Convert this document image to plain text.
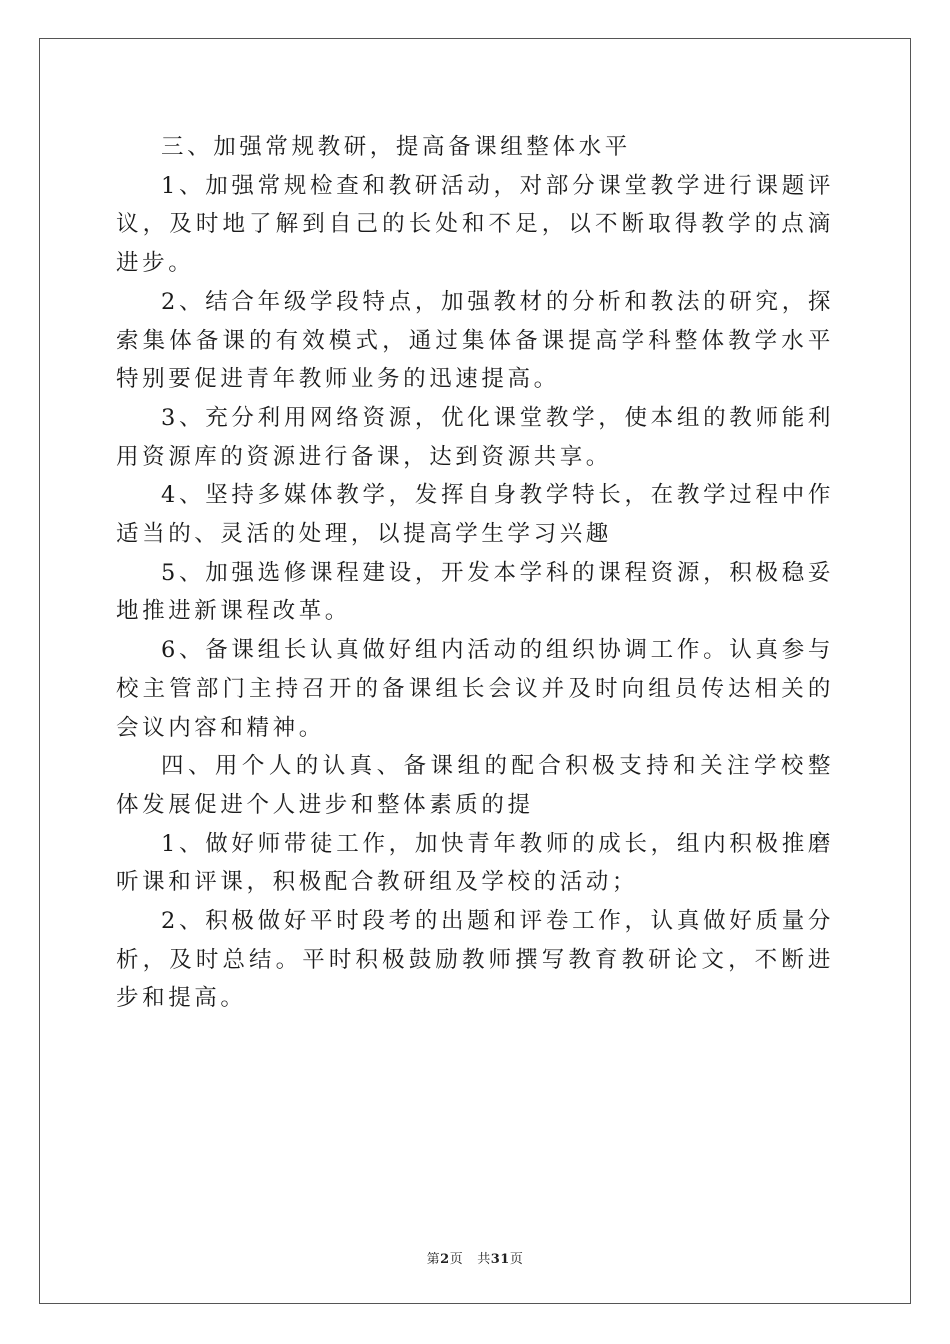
三、加强常规教研，提高备课组整体水平

1、加强常规检查和教研活动，对部分课堂教学进行课题评议，及时地了解到自己的长处和不足，以不断取得教学的点滴进步。

2、结合年级学段特点，加强教材的分析和教法的研究，探索集体备课的有效模式，通过集体备课提高学科整体教学水平特别要促进青年教师业务的迅速提高。

3、充分利用网络资源，优化课堂教学，使本组的教师能利用资源库的资源进行备课，达到资源共享。

4、坚持多媒体教学，发挥自身教学特长，在教学过程中作适当的、灵活的处理，以提高学生学习兴趣

5、加强选修课程建设，开发本学科的课程资源，积极稳妥地推进新课程改革。

6、备课组长认真做好组内活动的组织协调工作。认真参与校主管部门主持召开的备课组长会议并及时向组员传达相关的会议内容和精神。

四、用个人的认真、备课组的配合积极支持和关注学校整体发展促进个人进步和整体素质的提

1、做好师带徒工作，加快青年教师的成长，组内积极推磨听课和评课，积极配合教研组及学校的活动；

2、积极做好平时段考的出题和评卷工作，认真做好质量分析，及时总结。平时积极鼓励教师撰写教育教研论文，不断进步和提高。

第2页 共31页
